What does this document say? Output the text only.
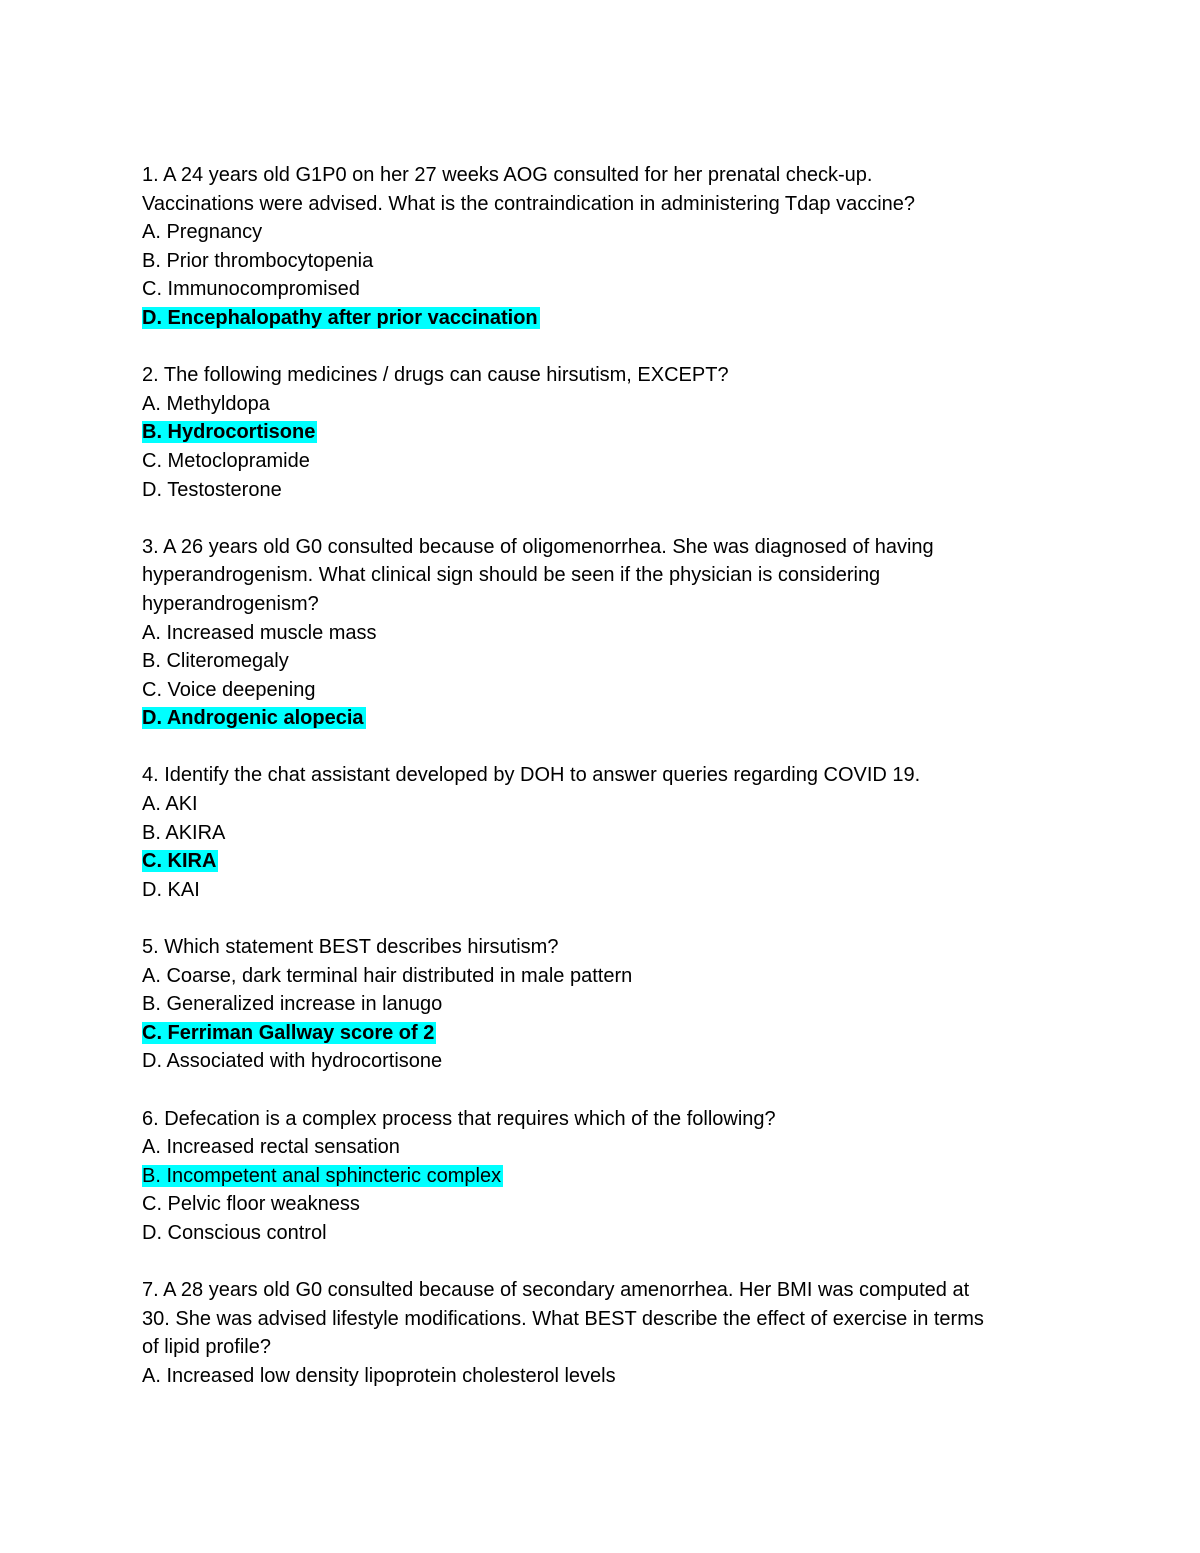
1. A 24 years old G1P0 on her 27 weeks AOG consulted for her prenatal check-up.
Vaccinations were advised. What is the contraindication in administering Tdap vaccine?
A. Pregnancy
B. Prior thrombocytopenia
C. Immunocompromised
D. Encephalopathy after prior vaccination
2. The following medicines / drugs can cause hirsutism, EXCEPT?
A. Methyldopa
B. Hydrocortisone
C. Metoclopramide
D. Testosterone
3. A 26 years old G0 consulted because of oligomenorrhea. She was diagnosed of having
hyperandrogenism. What clinical sign should be seen if the physician is considering
hyperandrogenism?
A. Increased muscle mass
B. Cliteromegaly
C. Voice deepening
D. Androgenic alopecia
4. Identify the chat assistant developed by DOH to answer queries regarding COVID 19.
A. AKI
B. AKIRA
C. KIRA
D. KAI
5. Which statement BEST describes hirsutism?
A. Coarse, dark terminal hair distributed in male pattern
B. Generalized increase in lanugo
C. Ferriman Gallway score of 2
D. Associated with hydrocortisone
6. Defecation is a complex process that requires which of the following?
A. Increased rectal sensation
B. Incompetent anal sphincteric complex
C. Pelvic floor weakness
D. Conscious control
7. A 28 years old G0 consulted because of secondary amenorrhea. Her BMI was computed at
30. She was advised lifestyle modifications. What BEST describe the effect of exercise in terms
of lipid profile?
A. Increased low density lipoprotein cholesterol levels
